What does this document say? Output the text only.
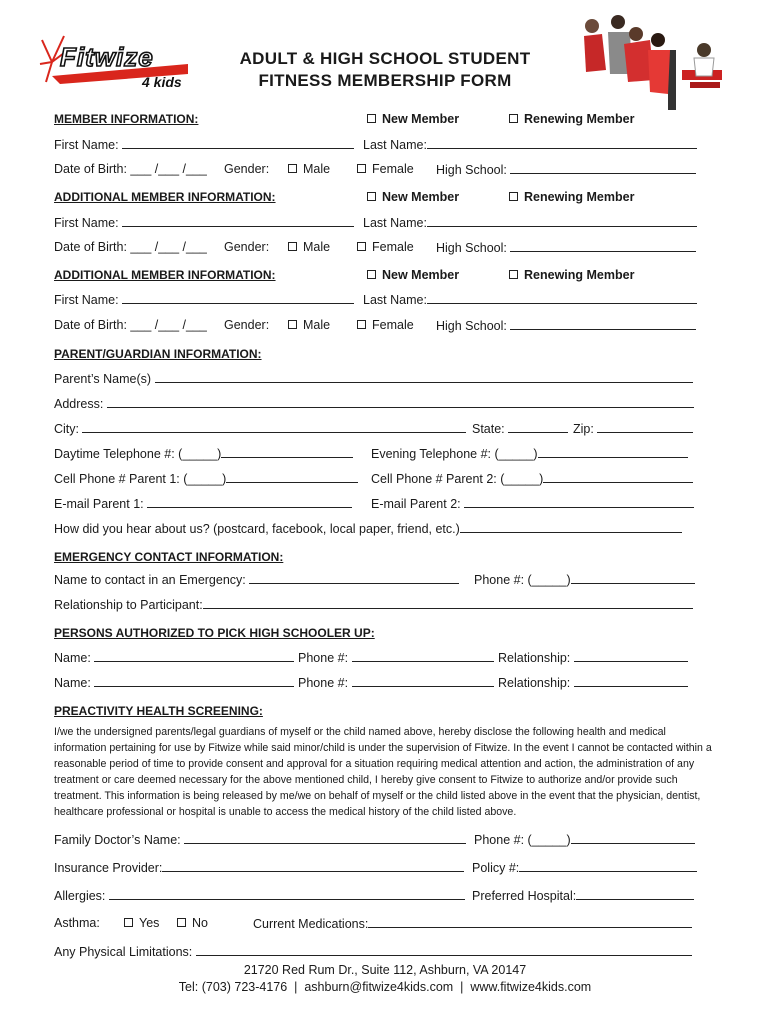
Fitwize
4 kids
ADULT & HIGH SCHOOL STUDENT
FITNESS MEMBERSHIP FORM
MEMBER INFORMATION:	New Member	Renewing Member
First Name:	Last Name:
Date of Birth: ___ /___ /___ Gender:	Male	Female High School:
ADDITIONAL MEMBER INFORMATION:	New Member	Renewing Member
First Name:	Last Name:
Date of Birth: ___ /___ /___ Gender:	Male	Female High School:
ADDITIONAL MEMBER INFORMATION:	New Member	Renewing Member
First Name:	Last Name:
Date of Birth: ___ /___ /___ Gender:	Male	Female High School:
PARENT/GUARDIAN INFORMATION:
Parent’s Name(s)
Address:
City:	State:	Zip:
Daytime Telephone #: (_____)	Evening Telephone #: (_____)
Cell Phone # Parent 1: (_____)	Cell Phone # Parent 2: (_____)
E-mail Parent 1:	E-mail Parent 2:
How did you hear about us? (postcard, facebook, local paper, friend, etc.)
EMERGENCY CONTACT INFORMATION:
Name to contact in an Emergency:	Phone #: (_____)
Relationship to Participant:
PERSONS AUTHORIZED TO PICK HIGH SCHOOLER UP:
Name:	Phone #:	Relationship:
Name:	Phone #:	Relationship:
PREACTIVITY HEALTH SCREENING:
I/we the undersigned parents/legal guardians of myself or the child named above, hereby disclose the following health and medical information pertaining for use by Fitwize while said minor/child is under the supervision of Fitwize. In the event I cannot be contacted within a reasonable period of time to provide consent and approval for a situation requiring medical attention and action, the administration of any treatment or care deemed necessary for the above mentioned child, I hereby give consent to Fitwize to authorize and/or provide such treatment. This information is being released by me/we on behalf of myself or the child listed above in the event that the physician, dentist, healthcare professional or hospital is unable to access the medical history of the child listed above.
Family Doctor’s Name:	Phone #: (_____)
Insurance Provider:	Policy #:
Allergies:	Preferred Hospital:
Asthma:	Yes	No	Current Medications:
Any Physical Limitations:
21720 Red Rum Dr., Suite 112, Ashburn, VA 20147
Tel: (703) 723-4176  |  ashburn@fitwize4kids.com  |  www.fitwize4kids.com
